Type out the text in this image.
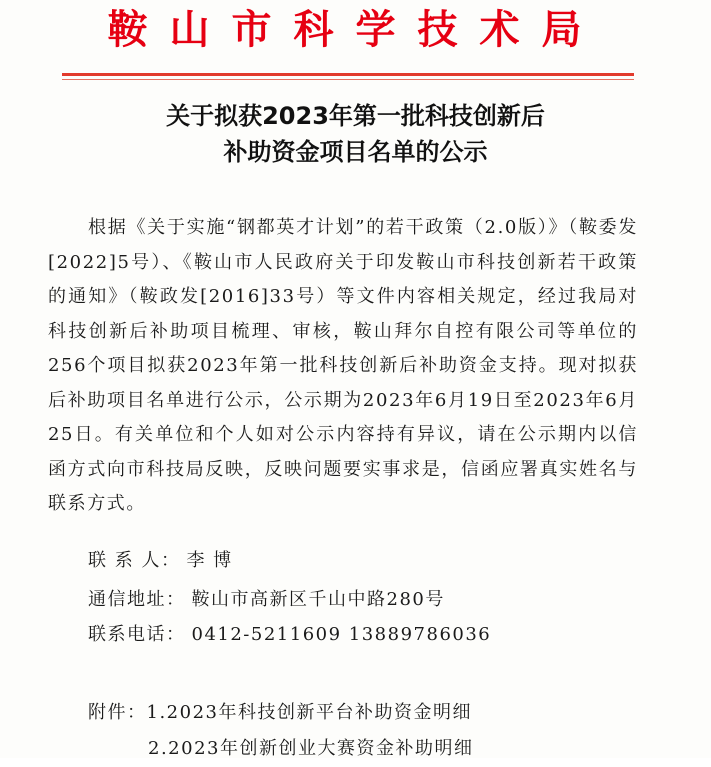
鞍山市科学技术局
关于拟获2023年第一批科技创新后
补助资金项目名单的公示
根据《关于实施“钢都英才计划”的若干政策（2.0版）》（鞍委发[2022]5号）、《鞍山市人民政府关于印发鞍山市科技创新若干政策的通知》（鞍政发[2016]33号）等文件内容相关规定，经过我局对科技创新后补助项目梳理、审核，鞍山拜尔自控有限公司等单位的256个项目拟获2023年第一批科技创新后补助资金支持。现对拟获后补助项目名单进行公示，公示期为2023年6月19日至2023年6月25日。有关单位和个人如对公示内容持有异议，请在公示期内以信函方式向市科技局反映，反映问题要实事求是，信函应署真实姓名与联系方式。
联 系 人： 李 博
通信地址： 鞍山市高新区千山中路280号
联系电话： 0412-5211609 13889786036
附件：1.2023年科技创新平台补助资金明细
2.2023年创新创业大赛资金补助明细
